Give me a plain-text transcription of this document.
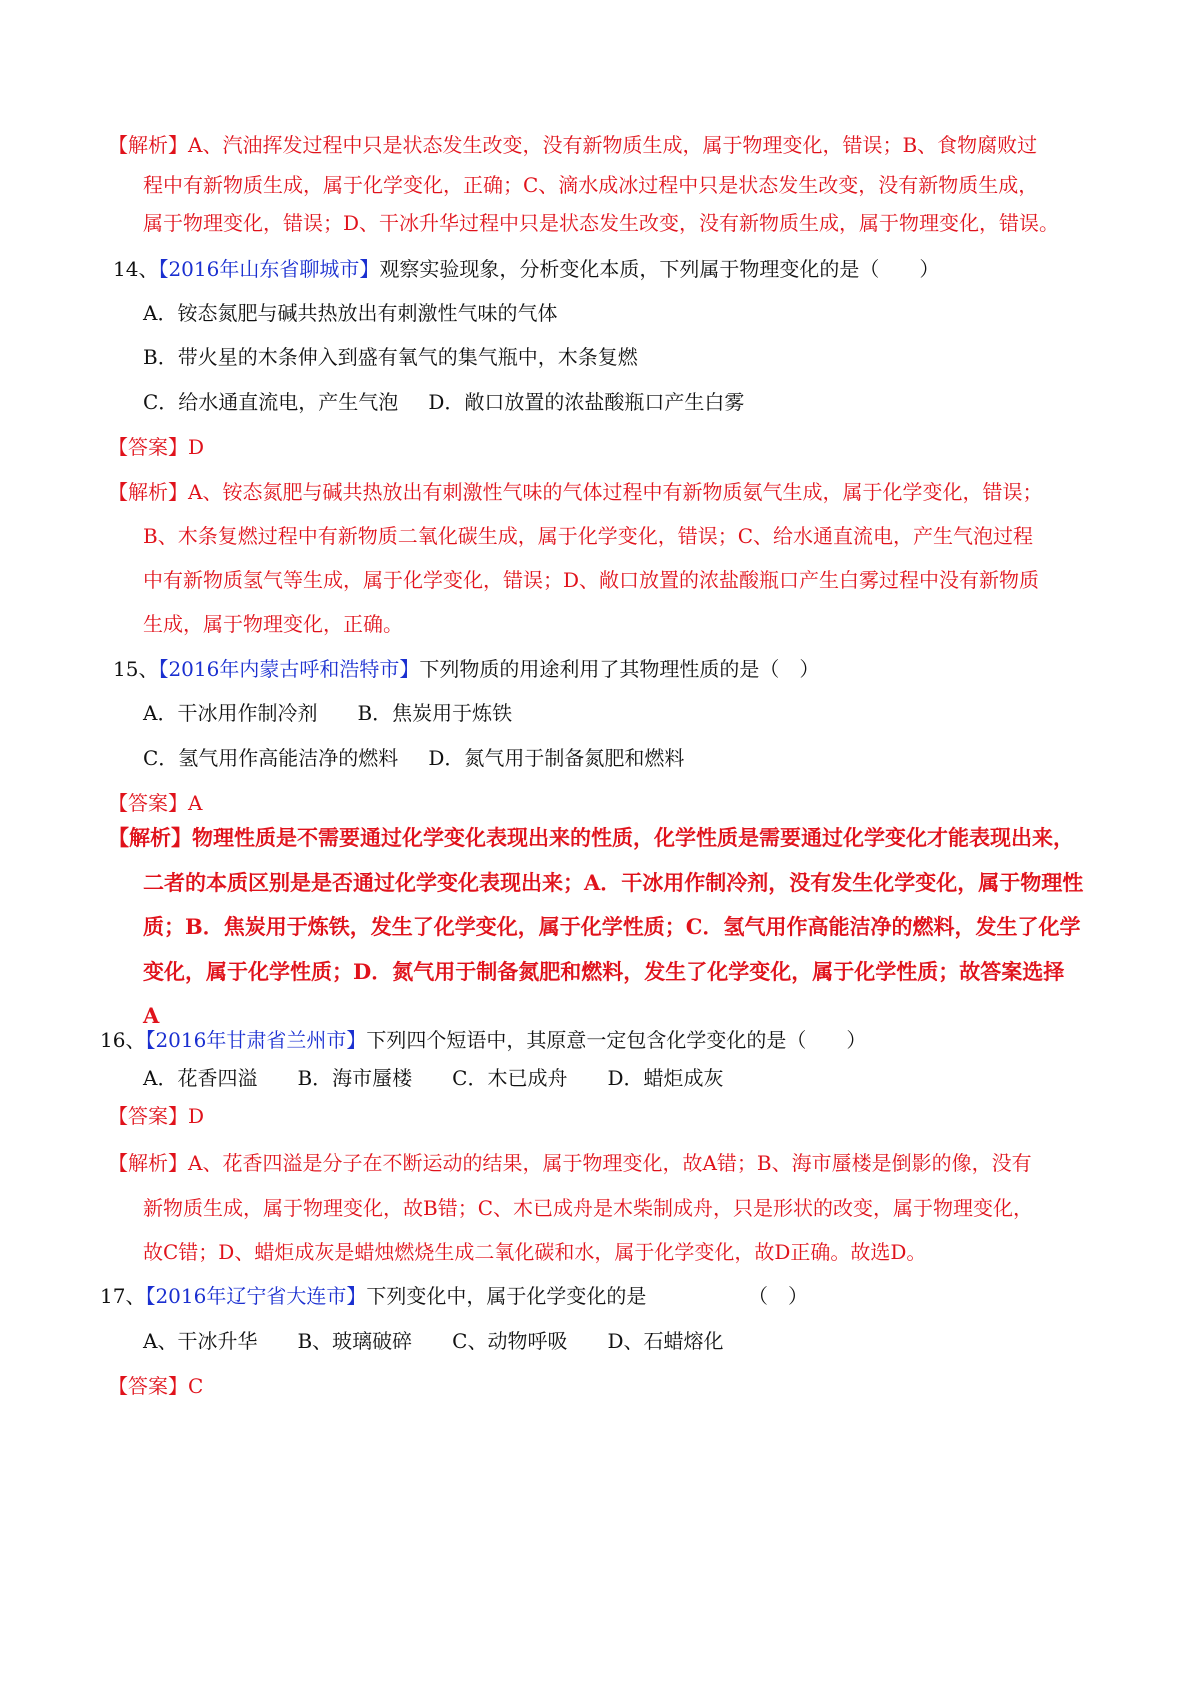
【解析】A、汽油挥发过程中只是状态发生改变，没有新物质生成，属于物理变化，错误；B、食物腐败过
程中有新物质生成，属于化学变化，正确；C、滴水成冰过程中只是状态发生改变，没有新物质生成，
属于物理变化，错误；D、干冰升华过程中只是状态发生改变，没有新物质生成，属于物理变化，错误。
14、【2016年山东省聊城市】观察实验现象，分析变化本质，下列属于物理变化的是（　　）
A．铵态氮肥与碱共热放出有刺激性气味的气体
B．带火星的木条伸入到盛有氧气的集气瓶中，木条复燃
C．给水通直流电，产生气泡 D．敞口放置的浓盐酸瓶口产生白雾
【答案】D
【解析】A、铵态氮肥与碱共热放出有刺激性气味的气体过程中有新物质氨气生成，属于化学变化，错误；
B、木条复燃过程中有新物质二氧化碳生成，属于化学变化，错误；C、给水通直流电，产生气泡过程
中有新物质氢气等生成，属于化学变化，错误；D、敞口放置的浓盐酸瓶口产生白雾过程中没有新物质
生成，属于物理变化，正确。
15、【2016年内蒙古呼和浩特市】下列物质的用途利用了其物理性质的是（　）
A．干冰用作制冷剂 B．焦炭用于炼铁
C．氢气用作高能洁净的燃料 D．氮气用于制备氮肥和燃料
【答案】A
【解析】物理性质是不需要通过化学变化表现出来的性质，化学性质是需要通过化学变化才能表现出来，
二者的本质区别是是否通过化学变化表现出来；A．干冰用作制冷剂，没有发生化学变化，属于物理性
质；B．焦炭用于炼铁，发生了化学变化，属于化学性质；C．氢气用作高能洁净的燃料，发生了化学
变化，属于化学性质；D．氮气用于制备氮肥和燃料，发生了化学变化，属于化学性质；故答案选择
A
16、【2016年甘肃省兰州市】下列四个短语中，其原意一定包含化学变化的是（　　）
A．花香四溢 B．海市蜃楼 C．木已成舟 D．蜡炬成灰
【答案】D
【解析】A、花香四溢是分子在不断运动的结果，属于物理变化，故A错；B、海市蜃楼是倒影的像，没有
新物质生成，属于物理变化，故B错；C、木已成舟是木柴制成舟，只是形状的改变，属于物理变化，
故C错；D、蜡炬成灰是蜡烛燃烧生成二氧化碳和水，属于化学变化，故D正确。故选D。
17、【2016年辽宁省大连市】下列变化中，属于化学变化的是	（　）
A、干冰升华 B、玻璃破碎 C、动物呼吸 D、石蜡熔化
【答案】C
